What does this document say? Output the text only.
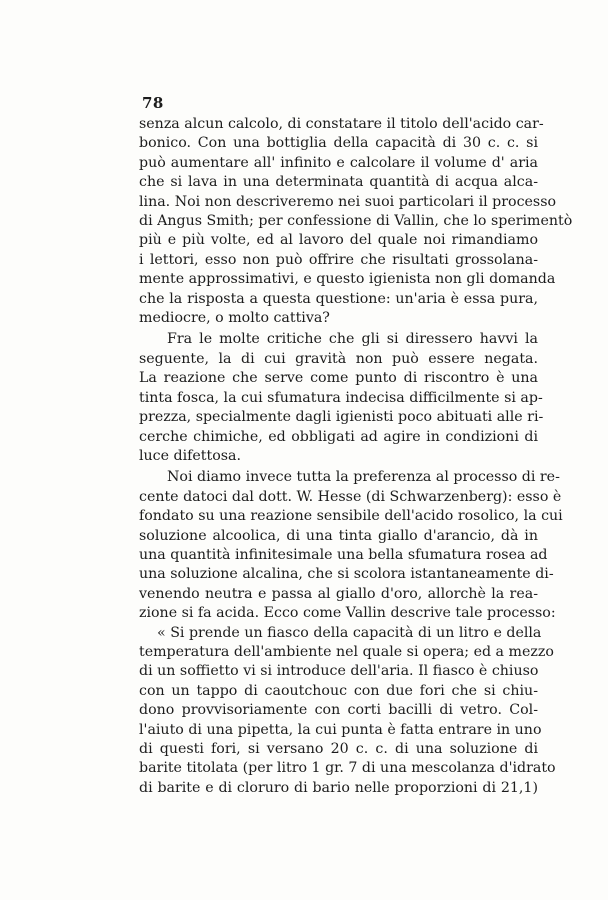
78

senza alcun calcolo, di constatare il titolo dell'acido car-

bonico. Con una bottiglia della capacità di 30 c. c. si

può aumentare all' infinito e calcolare il volume d' aria

che si lava in una determinata quantità di acqua alca-

lina. Noi non descriveremo nei suoi particolari il processo

di Angus Smith; per confessione di Vallin, che lo sperimentò

più e più volte, ed al lavoro del quale noi rimandiamo

i lettori, esso non può offrire che risultati grossolana-

mente approssimativi, e questo igienista non gli domanda

che la risposta a questa questione: un'aria è essa pura,

mediocre, o molto cattiva?

Fra le molte critiche che gli si diressero havvi la

seguente, la di cui gravità non può essere negata.

La reazione che serve come punto di riscontro è una

tinta fosca, la cui sfumatura indecisa difficilmente si ap-

prezza, specialmente dagli igienisti poco abituati alle ri-

cerche chimiche, ed obbligati ad agire in condizioni di

luce difettosa.

Noi diamo invece tutta la preferenza al processo di re-

cente datoci dal dott. W. Hesse (di Schwarzenberg): esso è

fondato su una reazione sensibile dell'acido rosolico, la cui

soluzione alcoolica, di una tinta giallo d'arancio, dà in

una quantità infinitesimale una bella sfumatura rosea ad

una soluzione alcalina, che si scolora istantaneamente di-

venendo neutra e passa al giallo d'oro, allorchè la rea-

zione si fa acida. Ecco come Vallin descrive tale processo:

« Si prende un fiasco della capacità di un litro e della

temperatura dell'ambiente nel quale si opera; ed a mezzo

di un soffietto vi si introduce dell'aria. Il fiasco è chiuso

con un tappo di caoutchouc con due fori che si chiu-

dono provvisoriamente con corti bacilli di vetro. Col-

l'aiuto di una pipetta, la cui punta è fatta entrare in uno

di questi fori, si versano 20 c. c. di una soluzione di

barite titolata (per litro 1 gr. 7 di una mescolanza d'idrato

di barite e di cloruro di bario nelle proporzioni di 21,1)
